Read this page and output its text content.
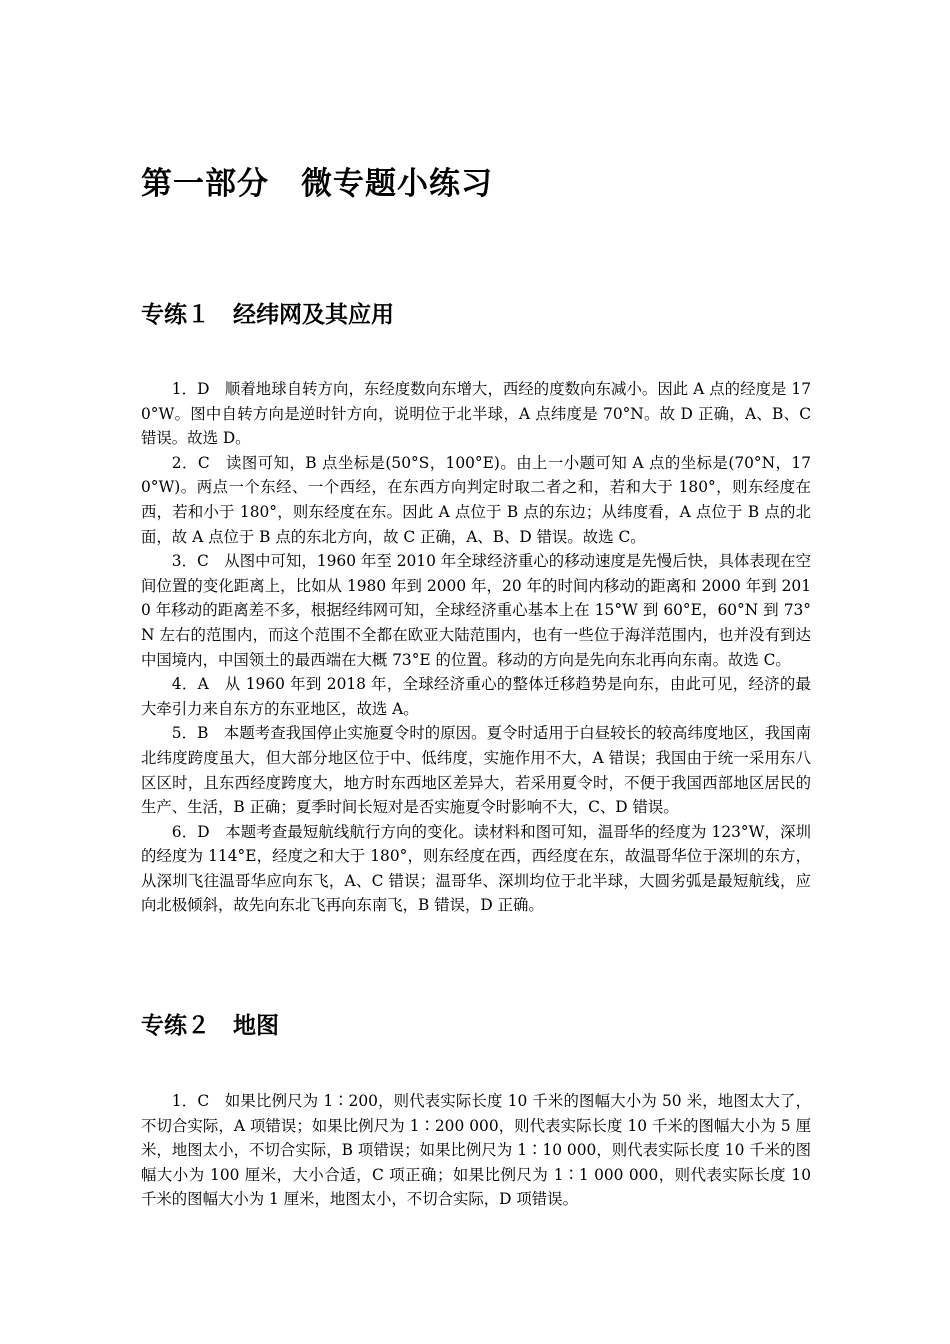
第一部分　微专题小练习
专练１　经纬网及其应用

1．D　顺着地球自转方向，东经度数向东增大，西经的度数向东减小。因此 A 点的经度是 170°W。图中自转方向是逆时针方向，说明位于北半球，A 点纬度是 70°N。故 D 正确，A、B、C 错误。故选 D。

2．C　读图可知，B 点坐标是(50°S，100°E)。由上一小题可知 A 点的坐标是(70°N，170°W)。两点一个东经、一个西经，在东西方向判定时取二者之和，若和大于 180°，则东经度在西，若和小于 180°，则东经度在东。因此 A 点位于 B 点的东边；从纬度看，A 点位于 B 点的北面，故 A 点位于 B 点的东北方向，故 C 正确，A、B、D 错误。故选 C。

3．C　从图中可知，1960 年至 2010 年全球经济重心的移动速度是先慢后快，具体表现在空间位置的变化距离上，比如从 1980 年到 2000 年，20 年的时间内移动的距离和 2000 年到 2010 年移动的距离差不多，根据经纬网可知，全球经济重心基本上在 15°W 到 60°E，60°N 到 73°N 左右的范围内，而这个范围不全都在欧亚大陆范围内，也有一些位于海洋范围内，也并没有到达中国境内，中国领土的最西端在大概 73°E 的位置。移动的方向是先向东北再向东南。故选 C。

4．A　从 1960 年到 2018 年，全球经济重心的整体迁移趋势是向东，由此可见，经济的最大牵引力来自东方的东亚地区，故选 A。

5．B　本题考查我国停止实施夏令时的原因。夏令时适用于白昼较长的较高纬度地区，我国南北纬度跨度虽大，但大部分地区位于中、低纬度，实施作用不大，A 错误；我国由于统一采用东八区区时，且东西经度跨度大，地方时东西地区差异大，若采用夏令时，不便于我国西部地区居民的生产、生活，B 正确；夏季时间长短对是否实施夏令时影响不大，C、D 错误。

6．D　本题考查最短航线航行方向的变化。读材料和图可知，温哥华的经度为 123°W，深圳的经度为 114°E，经度之和大于 180°，则东经度在西，西经度在东，故温哥华位于深圳的东方，从深圳飞往温哥华应向东飞，A、C 错误；温哥华、深圳均位于北半球，大圆劣弧是最短航线，应向北极倾斜，故先向东北飞再向东南飞，B 错误，D 正确。

专练２　地图

1．C　如果比例尺为 1∶200，则代表实际长度 10 千米的图幅大小为 50 米，地图太大了，不切合实际，A 项错误；如果比例尺为 1∶200 000，则代表实际长度 10 千米的图幅大小为 5 厘米，地图太小，不切合实际，B 项错误；如果比例尺为 1∶10 000，则代表实际长度 10 千米的图幅大小为 100 厘米，大小合适，C 项正确；如果比例尺为 1∶1 000 000，则代表实际长度 10 千米的图幅大小为 1 厘米，地图太小，不切合实际，D 项错误。
